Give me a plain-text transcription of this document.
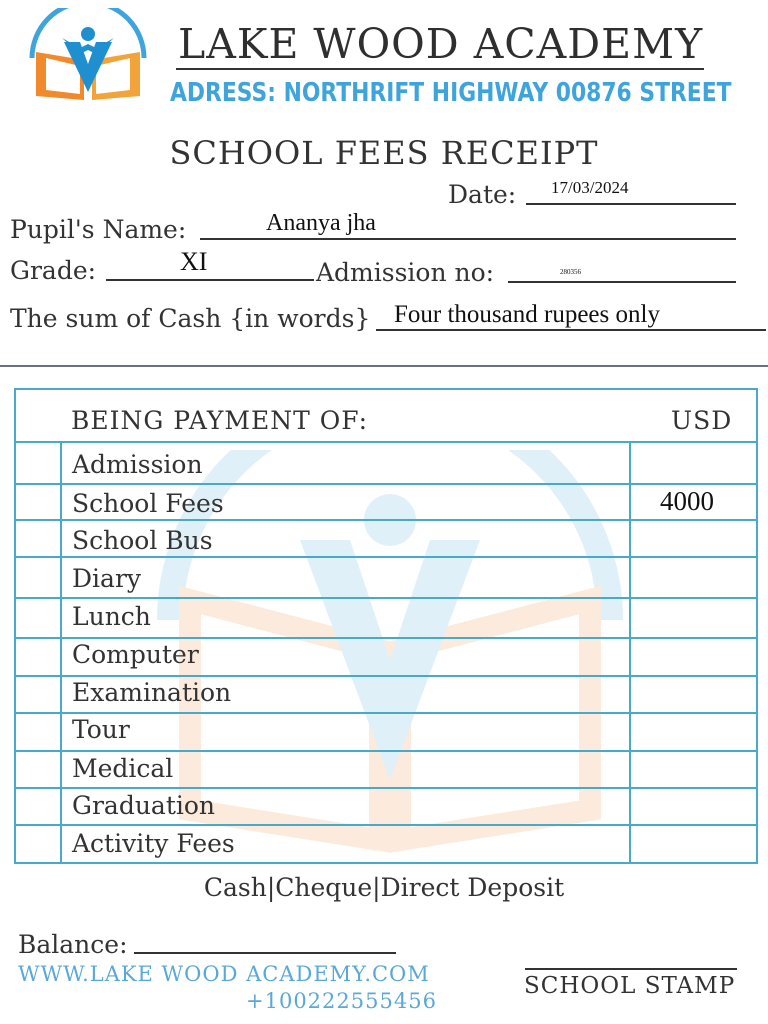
LAKE WOOD ACADEMY
ADRESS: NORTHRIFT HIGHWAY 00876 STREET
SCHOOL FEES RECEIPT
Date: 17/03/2024
Pupil's Name:	Ananya jha
Grade:	XI	Admission no:	280356
The sum of Cash {in words} Four thousand rupees only
BEING PAYMENT OF:	USD
Admission
School Fees	4000
School Bus
Diary
Lunch
Computer
Examination
Tour
Medical
Graduation
Activity Fees
Cash|Cheque|Direct Deposit
Balance:
WWW.LAKE WOOD ACADEMY.COM
+100222555456
SCHOOL STAMP
